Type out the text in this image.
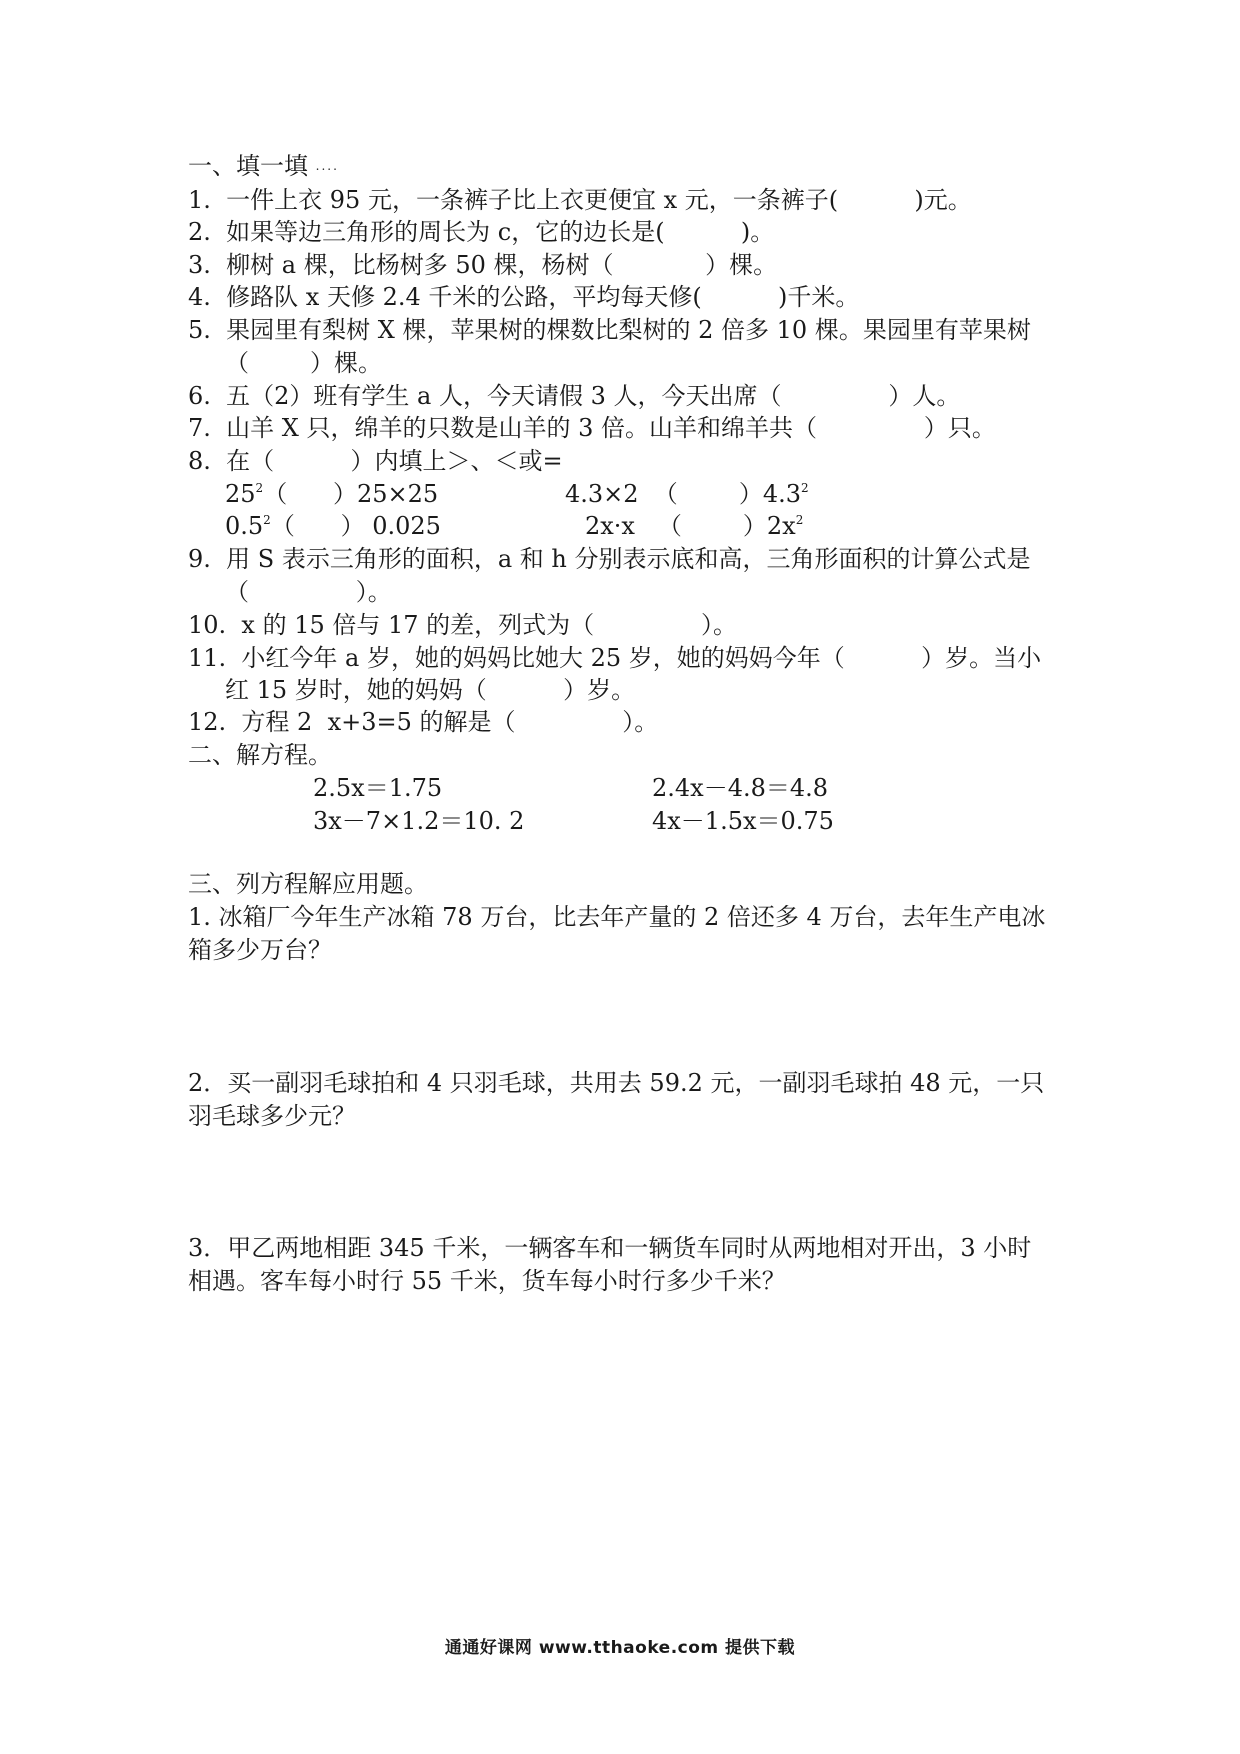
一、填一填 ....
1.  一件上衣 95 元，一条裤子比上衣更便宜 x 元，一条裤子(          )元。
2.  如果等边三角形的周长为 c，它的边长是(          )。
3.  柳树 a 棵，比杨树多 50 棵，杨树（            ）棵。
4.  修路队 x 天修 2.4 千米的公路，平均每天修(          )千米。
5.  果园里有梨树 X 棵，苹果树的棵数比梨树的 2 倍多 10 棵。果园里有苹果树
（        ）棵。
6.  五（2）班有学生 a 人，今天请假 3 人，今天出席（              ）人。
7.  山羊 X 只，绵羊的只数是山羊的 3 倍。山羊和绵羊共（              ）只。
8.  在（          ）内填上＞、＜或=
$25^2$（      ）25×25	4.3×2  （        ）$4.3^2$
$0.5^2$（      ） 0.025	2x·x   （        ）$2x^2$
9.  用 S 表示三角形的面积，a 和 h 分别表示底和高，三角形面积的计算公式是
（              ）。
10.  x 的 15 倍与 17 的差，列式为（              ）。
11.  小红今年 a 岁，她的妈妈比她大 25 岁，她的妈妈今年（          ）岁。当小
红 15 岁时，她的妈妈（          ）岁。
12.  方程 2  x+3=5 的解是（              ）。
二、解方程。
2.5x＝1.75	2.4x－4.8＝4.8
3x－7×1.2＝10. 2	4x－1.5x＝0.75
三、列方程解应用题。
1. 冰箱厂今年生产冰箱 78 万台，比去年产量的 2 倍还多 4 万台，去年生产电冰
箱多少万台？
2．买一副羽毛球拍和 4 只羽毛球，共用去 59.2 元，一副羽毛球拍 48 元，一只
羽毛球多少元？
3．甲乙两地相距 345 千米，一辆客车和一辆货车同时从两地相对开出，3 小时
相遇。客车每小时行 55 千米，货车每小时行多少千米？
通通好课网 www.tthaoke.com 提供下载
